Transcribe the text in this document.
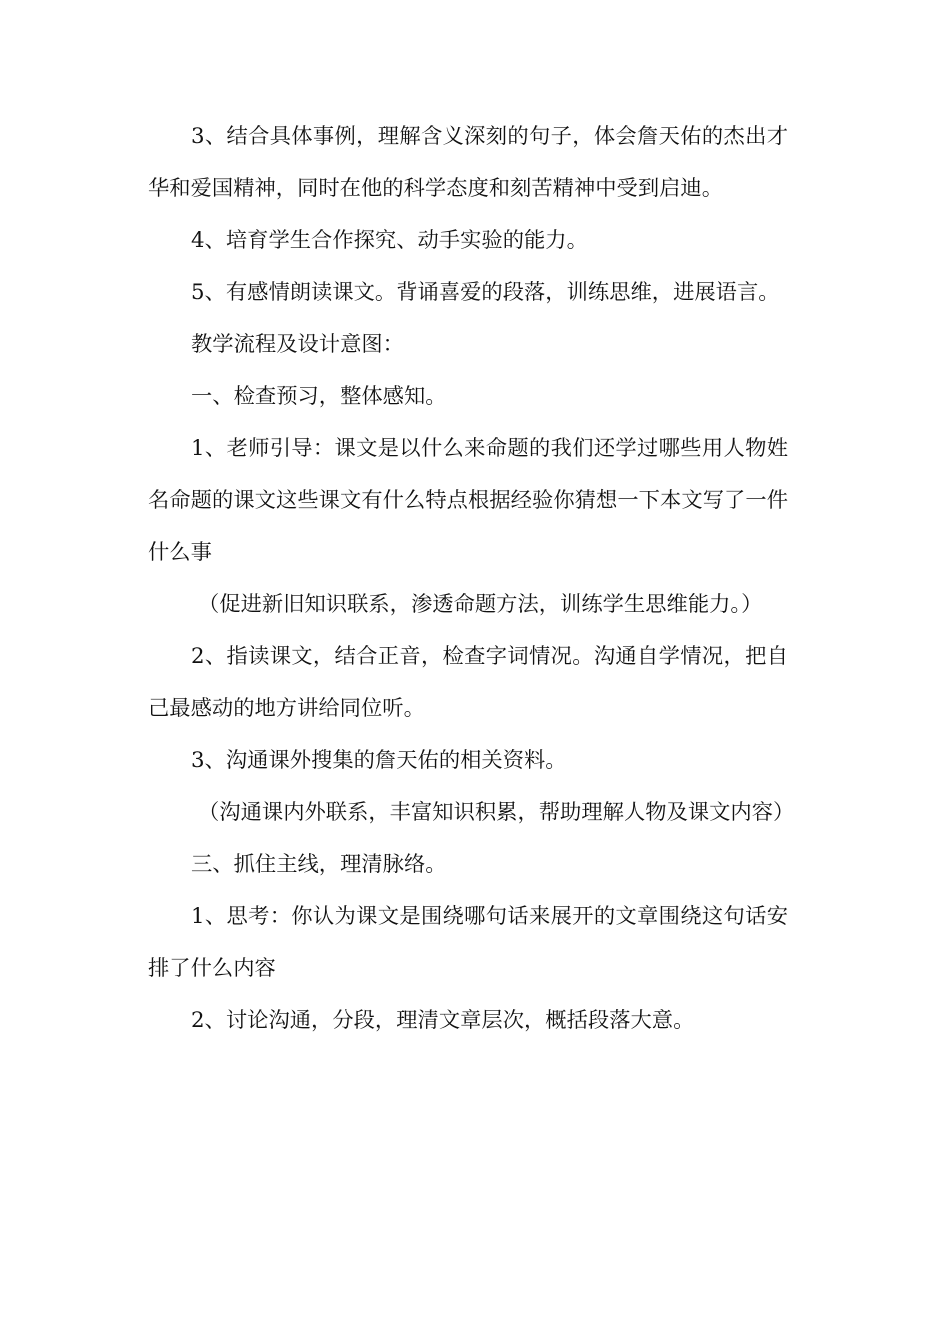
3、结合具体事例，理解含义深刻的句子，体会詹天佑的杰出才华和爱国精神，同时在他的科学态度和刻苦精神中受到启迪。

4、培育学生合作探究、动手实验的能力。

5、有感情朗读课文。背诵喜爱的段落，训练思维，进展语言。

教学流程及设计意图：

一、检查预习，整体感知。

1、老师引导：课文是以什么来命题的我们还学过哪些用人物姓名命题的课文这些课文有什么特点根据经验你猜想一下本文写了一件什么事

（促进新旧知识联系，渗透命题方法，训练学生思维能力。）

2、指读课文，结合正音，检查字词情况。沟通自学情况，把自己最感动的地方讲给同位听。

3、沟通课外搜集的詹天佑的相关资料。

（沟通课内外联系，丰富知识积累，帮助理解人物及课文内容）

三、抓住主线，理清脉络。

1、思考：你认为课文是围绕哪句话来展开的文章围绕这句话安排了什么内容

2、讨论沟通，分段，理清文章层次，概括段落大意。
